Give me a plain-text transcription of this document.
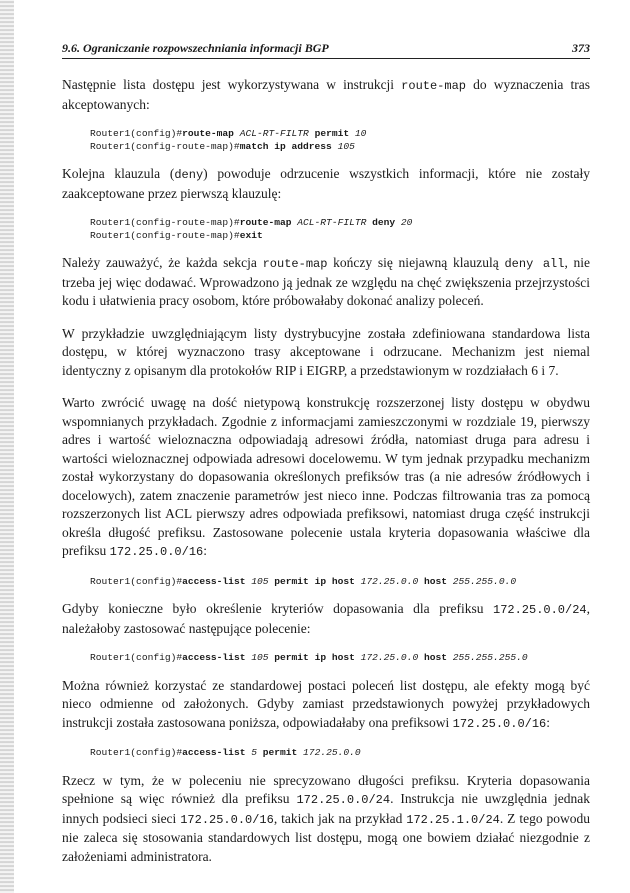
9.6. Ograniczanie rozpowszechniania informacji BGP	373

Następnie lista dostępu jest wykorzystywana w instrukcji route-map do wyznaczenia tras akceptowanych:

Router1(config)#route-map ACL-RT-FILTR permit 10
Router1(config-route-map)#match ip address 105

Kolejna klauzula (deny) powoduje odrzucenie wszystkich informacji, które nie zostały zaakceptowane przez pierwszą klauzulę:

Router1(config-route-map)#route-map ACL-RT-FILTR deny 20
Router1(config-route-map)#exit

Należy zauważyć, że każda sekcja route-map kończy się niejawną klauzulą deny all, nie trzeba jej więc dodawać. Wprowadzono ją jednak ze względu na chęć zwiększenia przejrzystości kodu i ułatwienia pracy osobom, które próbowałaby dokonać analizy poleceń.

W przykładzie uwzględniającym listy dystrybucyjne została zdefiniowana standardowa lista dostępu, w której wyznaczono trasy akceptowane i odrzucane. Mechanizm jest niemal identyczny z opisanym dla protokołów RIP i EIGRP, a przedstawionym w rozdziałach 6 i 7.

Warto zwrócić uwagę na dość nietypową konstrukcję rozszerzonej listy dostępu w obydwu wspomnianych przykładach. Zgodnie z informacjami zamieszczonymi w rozdziale 19, pierwszy adres i wartość wieloznaczna odpowiadają adresowi źródła, natomiast druga para adresu i wartości wieloznacznej odpowiada adresowi docelowemu. W tym jednak przypadku mechanizm został wykorzystany do dopasowania określonych prefiksów tras (a nie adresów źródłowych i docelowych), zatem znaczenie parametrów jest nieco inne. Podczas filtrowania tras za pomocą rozszerzonych list ACL pierwszy adres odpowiada prefiksowi, natomiast druga część instrukcji określa długość prefiksu. Zastosowane polecenie ustala kryteria dopasowania właściwe dla prefiksu 172.25.0.0/16:

Router1(config)#access-list 105 permit ip host 172.25.0.0 host 255.255.0.0

Gdyby konieczne było określenie kryteriów dopasowania dla prefiksu 172.25.0.0/24, należałoby zastosować następujące polecenie:

Router1(config)#access-list 105 permit ip host 172.25.0.0 host 255.255.255.0

Można również korzystać ze standardowej postaci poleceń list dostępu, ale efekty mogą być nieco odmienne od założonych. Gdyby zamiast przedstawionych powyżej przykładowych instrukcji została zastosowana poniższa, odpowiadałaby ona prefiksowi 172.25.0.0/16:

Router1(config)#access-list 5 permit 172.25.0.0

Rzecz w tym, że w poleceniu nie sprecyzowano długości prefiksu. Kryteria dopasowania spełnione są więc również dla prefiksu 172.25.0.0/24. Instrukcja nie uwzględnia jednak innych podsieci sieci 172.25.0.0/16, takich jak na przykład 172.25.1.0/24. Z tego powodu nie zaleca się stosowania standardowych list dostępu, mogą one bowiem działać niezgodnie z założeniami administratora.
